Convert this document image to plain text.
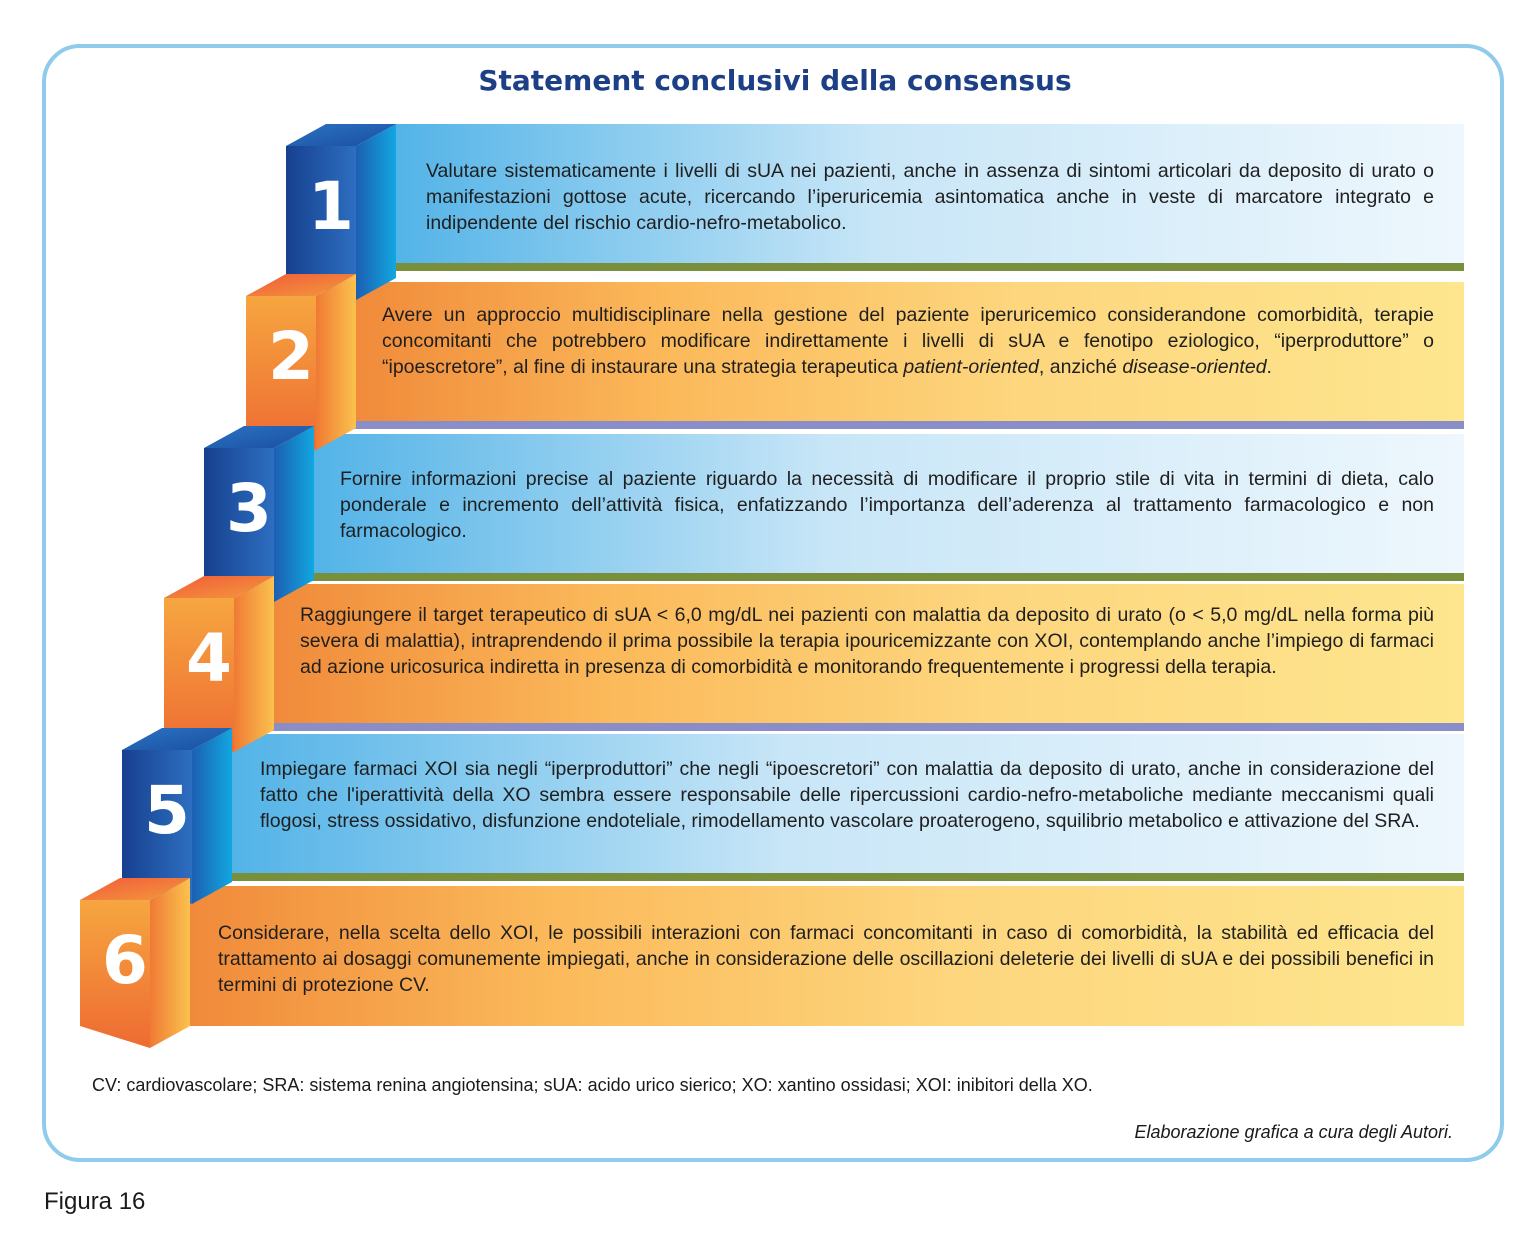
Statement conclusivi della consensus
Valutare sistematicamente i livelli di sUA nei pazienti, anche in assenza di sintomi articolari da deposito di urato o manifestazioni gottose acute, ricercando l’iperuricemia asintomatica anche in veste di marcatore integrato e indipendente del rischio cardio-nefro-metabolico.
Avere un approccio multidisciplinare nella gestione del paziente iperuricemico considerandone comorbidità, terapie concomitanti che potrebbero modificare indirettamente i livelli di sUA e fenotipo eziologico, “iperproduttore” o “ipoescretore”, al fine di instaurare una strategia terapeutica patient-oriented, anziché disease-oriented.
Fornire informazioni precise al paziente riguardo la necessità di modificare il proprio stile di vita in termini di dieta, calo ponderale e incremento dell’attività fisica, enfatizzando l’importanza dell’aderenza al trattamento farmacologico e non farmacologico.
Raggiungere il target terapeutico di sUA < 6,0 mg/dL nei pazienti con malattia da deposito di urato (o < 5,0 mg/dL nella forma più severa di malattia), intraprendendo il prima possibile la terapia ipouricemizzante con XOI, contemplando anche l’impiego di farmaci ad azione uricosurica indiretta in presenza di comorbidità e monitorando frequentemente i progressi della terapia.
Impiegare farmaci XOI sia negli “iperproduttori” che negli “ipoescretori” con malattia da deposito di urato, anche in considerazione del fatto che l'iperattività della XO sembra essere responsabile delle ripercussioni cardio-nefro-metaboliche mediante meccanismi quali flogosi, stress ossidativo, disfunzione endoteliale, rimodellamento vascolare proaterogeno, squilibrio metabolico e attivazione del SRA.
Considerare, nella scelta dello XOI, le possibili interazioni con farmaci concomitanti in caso di comorbidità, la stabilità ed efficacia del trattamento ai dosaggi comunemente impiegati, anche in considerazione delle oscillazioni deleterie dei livelli di sUA e dei possibili benefici in termini di protezione CV.
1
2
3
4
5
6
CV: cardiovascolare; SRA: sistema renina angiotensina; sUA: acido urico sierico; XO: xantino ossidasi; XOI: inibitori della XO.
Elaborazione grafica a cura degli Autori.
Figura 16
